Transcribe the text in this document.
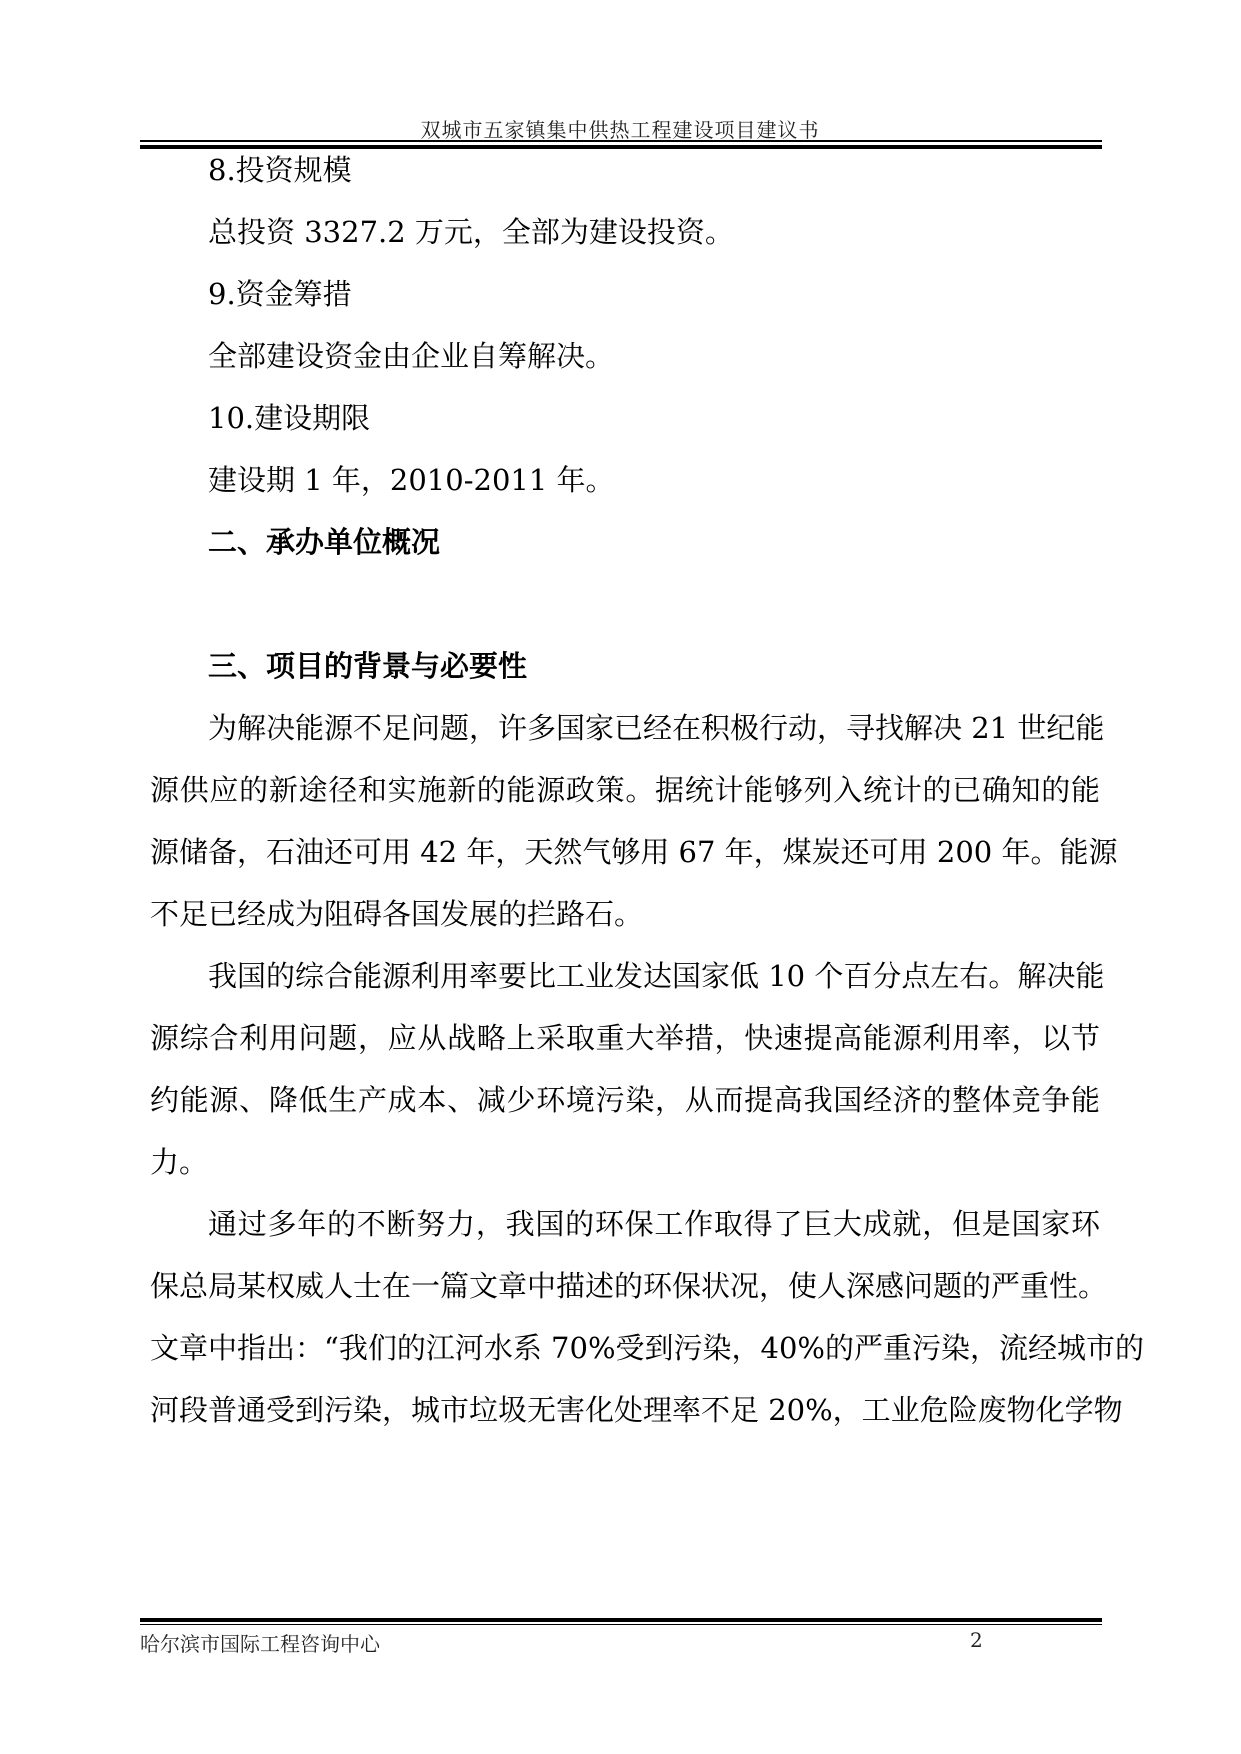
双城市五家镇集中供热工程建设项目建议书
8.投资规模
总投资 3327.2 万元，全部为建设投资。
9.资金筹措
全部建设资金由企业自筹解决。
10.建设期限
建设期 1 年，2010-2011 年。
二、承办单位概况
三、项目的背景与必要性
为解决能源不足问题，许多国家已经在积极行动，寻找解决 21 世纪能
源供应的新途径和实施新的能源政策。据统计能够列入统计的已确知的能
源储备，石油还可用 42 年，天然气够用 67 年，煤炭还可用 200 年。能源
不足已经成为阻碍各国发展的拦路石。
我国的综合能源利用率要比工业发达国家低 10 个百分点左右。解决能
源综合利用问题，应从战略上采取重大举措，快速提高能源利用率，以节
约能源、降低生产成本、减少环境污染，从而提高我国经济的整体竞争能
力。
通过多年的不断努力，我国的环保工作取得了巨大成就，但是国家环
保总局某权威人士在一篇文章中描述的环保状况，使人深感问题的严重性。
文章中指出：“我们的江河水系 70%受到污染，40%的严重污染，流经城市的
河段普通受到污染，城市垃圾无害化处理率不足 20%，工业危险废物化学物
哈尔滨市国际工程咨询中心	2
